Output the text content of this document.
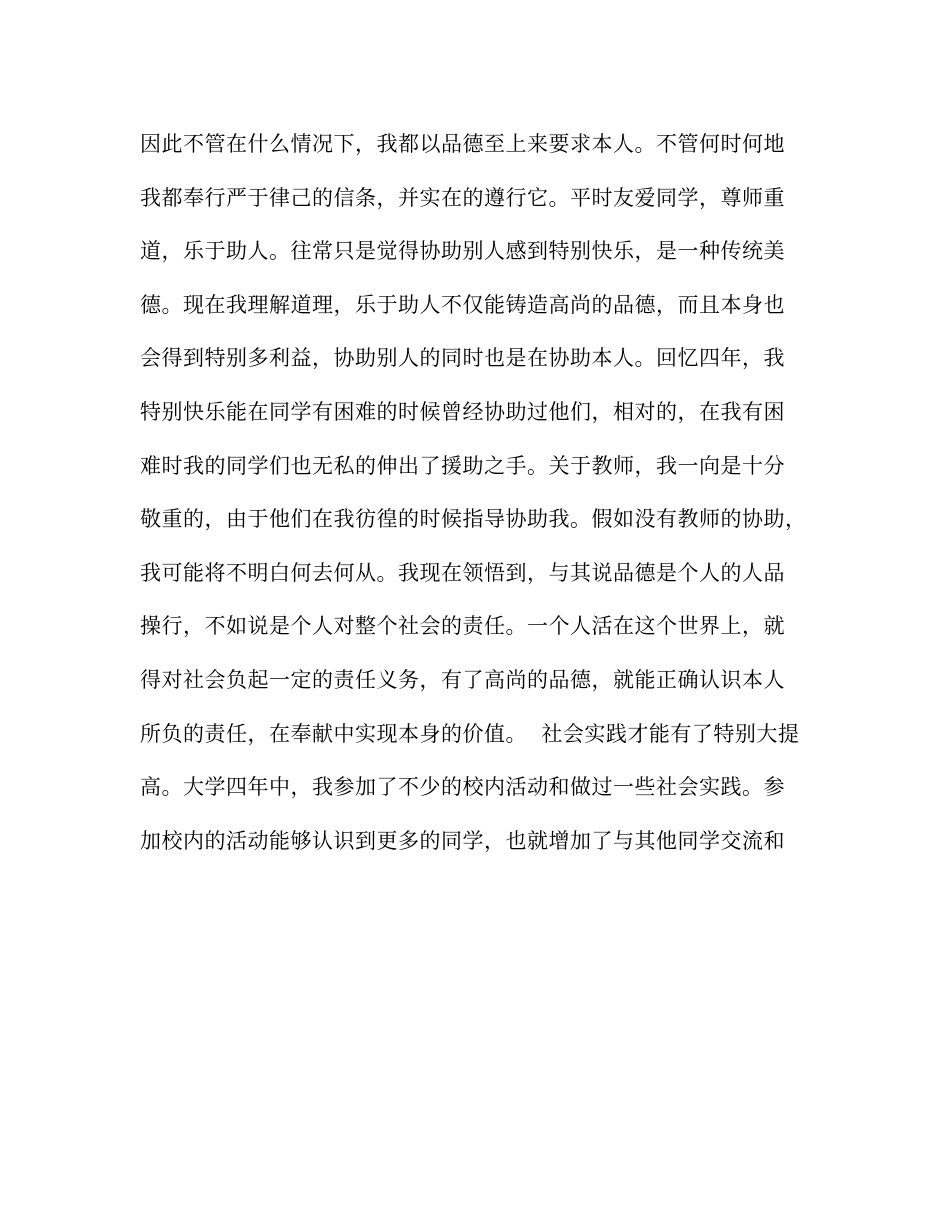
因此不管在什么情况下，我都以品德至上来要求本人。不管何时何地
我都奉行严于律己的信条，并实在的遵行它。平时友爱同学，尊师重
道，乐于助人。往常只是觉得协助别人感到特别快乐，是一种传统美
德。现在我理解道理，乐于助人不仅能铸造高尚的品德，而且本身也
会得到特别多利益，协助别人的同时也是在协助本人。回忆四年，我
特别快乐能在同学有困难的时候曾经协助过他们，相对的，在我有困
难时我的同学们也无私的伸出了援助之手。关于教师，我一向是十分
敬重的，由于他们在我彷徨的时候指导协助我。假如没有教师的协助，
我可能将不明白何去何从。我现在领悟到，与其说品德是个人的人品
操行，不如说是个人对整个社会的责任。一个人活在这个世界上，就
得对社会负起一定的责任义务，有了高尚的品德，就能正确认识本人
所负的责任，在奉献中实现本身的价值。  社会实践才能有了特别大提
高。大学四年中，我参加了不少的校内活动和做过一些社会实践。参
加校内的活动能够认识到更多的同学，也就增加了与其他同学交流和
